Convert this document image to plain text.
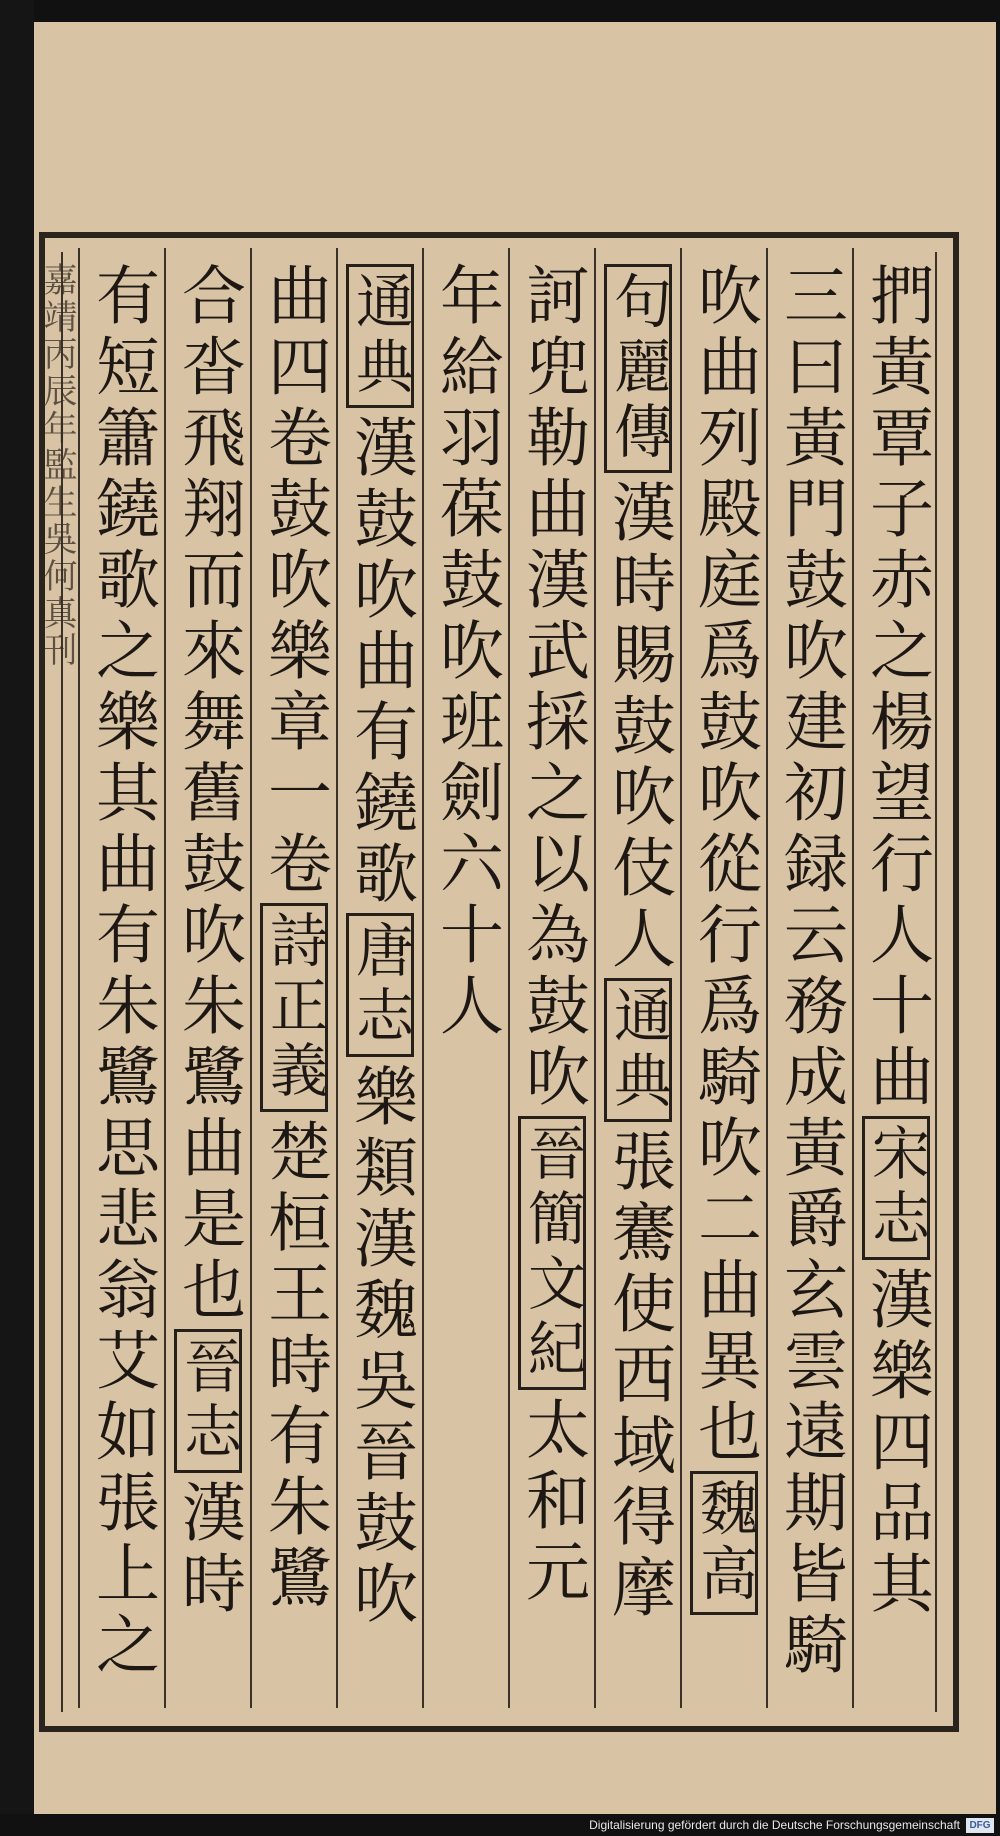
嘉靖
丙辰
年
監生
吳
何
真
刊	捫黃覃子赤之楊望行人十曲
宋志
漢樂四品其
三曰黃門鼓吹建初録云務成黃爵玄雲遠期皆騎
吹曲列殿庭爲鼓吹從行爲騎吹二曲異也
魏高
句麗傳
漢時賜鼓吹伎人
通典
張騫使西域得摩
訶兜勒曲漢武採之以為鼓吹
晉簡文紀
太和元
年給羽葆鼓吹班劍六十人
通典
漢鼓吹曲有鐃歌
唐志
樂類漢魏吳晉鼓吹
曲四卷鼓吹樂章一卷
詩正義
楚桓王時有朱鷺
合沓飛翔而來舞舊鼓吹朱鷺曲是也
晉志
漢時
有短簫鐃歌之樂其曲有朱鷺思悲翁艾如張上之
Digitalisierung gefördert durch die Deutsche Forschungsgemeinschaft DFG
